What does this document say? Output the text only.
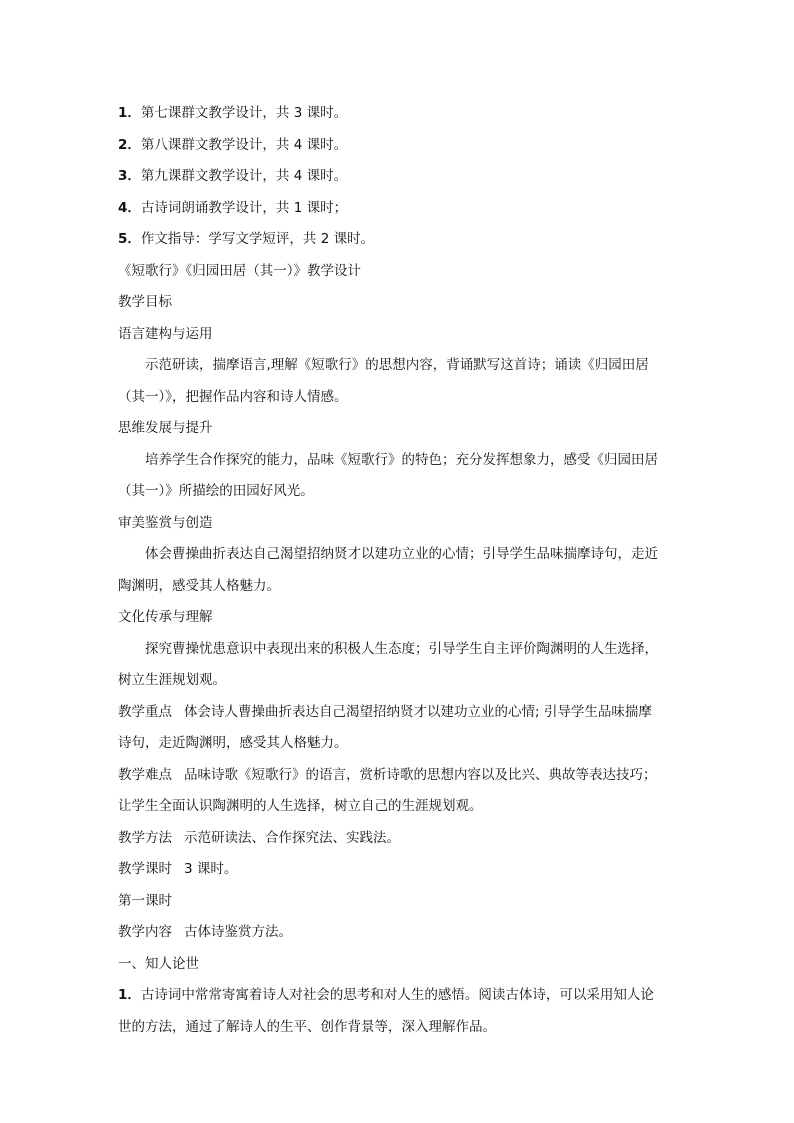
1．第七课群文教学设计，共 3 课时。
2．第八课群文教学设计，共 4 课时。
3．第九课群文教学设计，共 4 课时。
4．古诗词朗诵教学设计，共 1 课时；
5．作文指导：学写文学短评，共 2 课时。
《短歌行》《归园田居（其一）》教学设计
教学目标
语言建构与运用
示范研读，揣摩语言,理解《短歌行》的思想内容，背诵默写这首诗；诵读《归园田居
（其一）》，把握作品内容和诗人情感。
思维发展与提升
培养学生合作探究的能力，品味《短歌行》的特色；充分发挥想象力，感受《归园田居
（其一）》所描绘的田园好风光。
审美鉴赏与创造
体会曹操曲折表达自己渴望招纳贤才以建功立业的心情；引导学生品味揣摩诗句，走近
陶渊明，感受其人格魅力。
文化传承与理解
探究曹操忧患意识中表现出来的积极人生态度；引导学生自主评价陶渊明的人生选择，
树立生涯规划观。
教学重点 体会诗人曹操曲折表达自己渴望招纳贤才以建功立业的心情; 引导学生品味揣摩
诗句，走近陶渊明，感受其人格魅力。
教学难点 品味诗歌《短歌行》的语言，赏析诗歌的思想内容以及比兴、典故等表达技巧；
让学生全面认识陶渊明的人生选择，树立自己的生涯规划观。
教学方法 示范研读法、合作探究法、实践法。
教学课时 3 课时。
第一课时
教学内容 古体诗鉴赏方法。
一、知人论世
1．古诗词中常常寄寓着诗人对社会的思考和对人生的感悟。阅读古体诗，可以采用知人论
世的方法，通过了解诗人的生平、创作背景等，深入理解作品。
